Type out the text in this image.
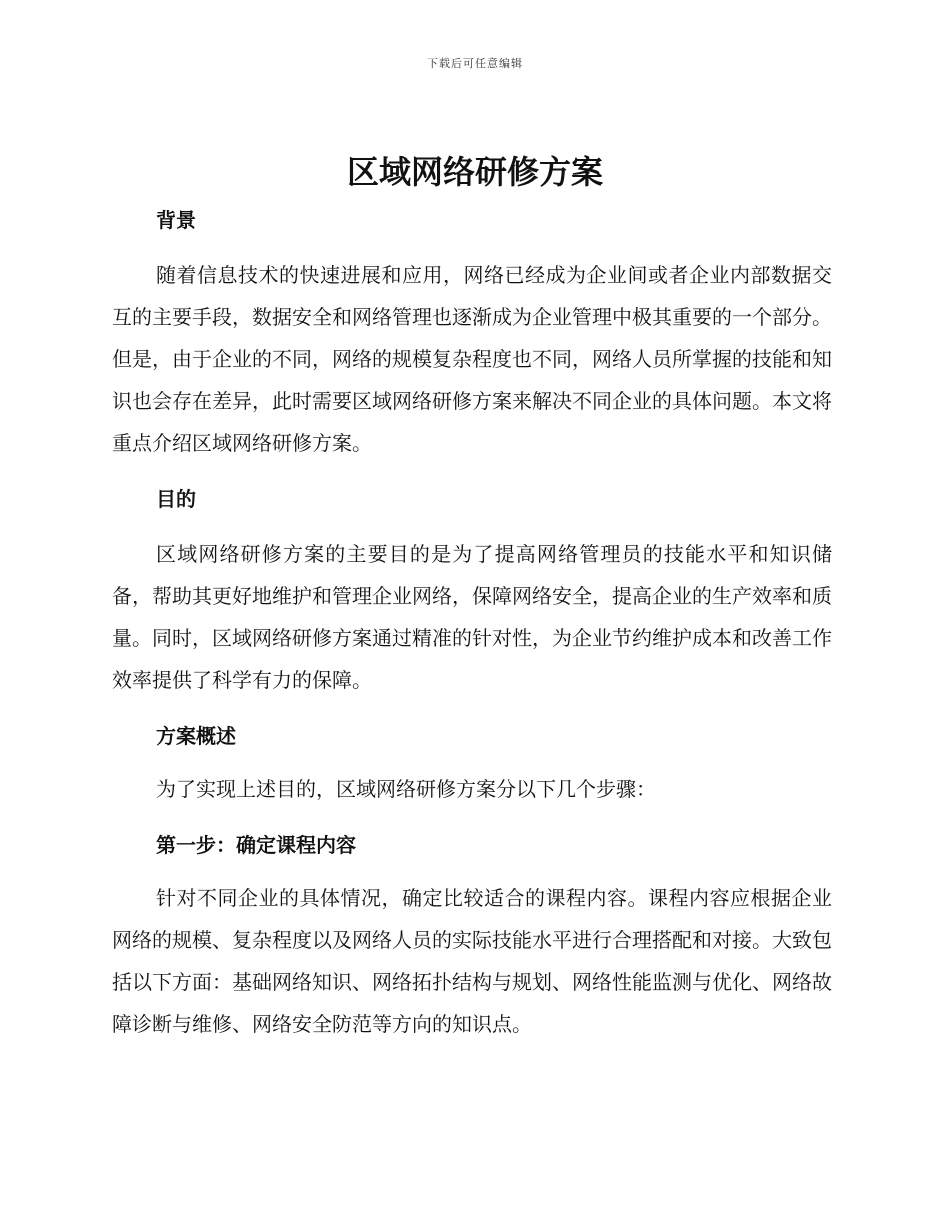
下载后可任意编辑
区域网络研修方案
背景

随着信息技术的快速进展和应用，网络已经成为企业间或者企业内部数据交互的主要手段，数据安全和网络管理也逐渐成为企业管理中极其重要的一个部分。但是，由于企业的不同，网络的规模复杂程度也不同，网络人员所掌握的技能和知识也会存在差异，此时需要区域网络研修方案来解决不同企业的具体问题。本文将重点介绍区域网络研修方案。

目的

区域网络研修方案的主要目的是为了提高网络管理员的技能水平和知识储备，帮助其更好地维护和管理企业网络，保障网络安全，提高企业的生产效率和质量。同时，区域网络研修方案通过精准的针对性，为企业节约维护成本和改善工作效率提供了科学有力的保障。

方案概述

为了实现上述目的，区域网络研修方案分以下几个步骤：

第一步：确定课程内容

针对不同企业的具体情况，确定比较适合的课程内容。课程内容应根据企业网络的规模、复杂程度以及网络人员的实际技能水平进行合理搭配和对接。大致包括以下方面：基础网络知识、网络拓扑结构与规划、网络性能监测与优化、网络故障诊断与维修、网络安全防范等方向的知识点。
